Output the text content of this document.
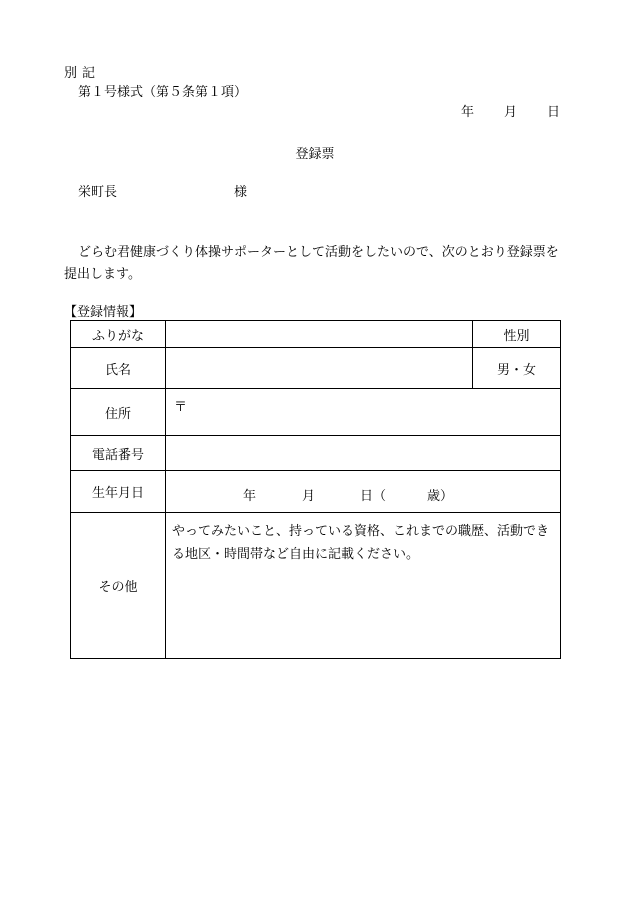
別記
第１号様式（第５条第１項）
年 月 日
登録票
栄町長	様
どらむ君健康づくり体操サポーターとして活動をしたいので、次のとおり登録票を提出します。
【登録情報】
ふりがな		性別
氏名		男・女
住所	〒	
電話番号		
生年月日	年 月 日（ 歳）	

その他	やってみたいこと、持っている資格、これまでの職歴、活動できる地区・時間帯など自由に記載ください。	
